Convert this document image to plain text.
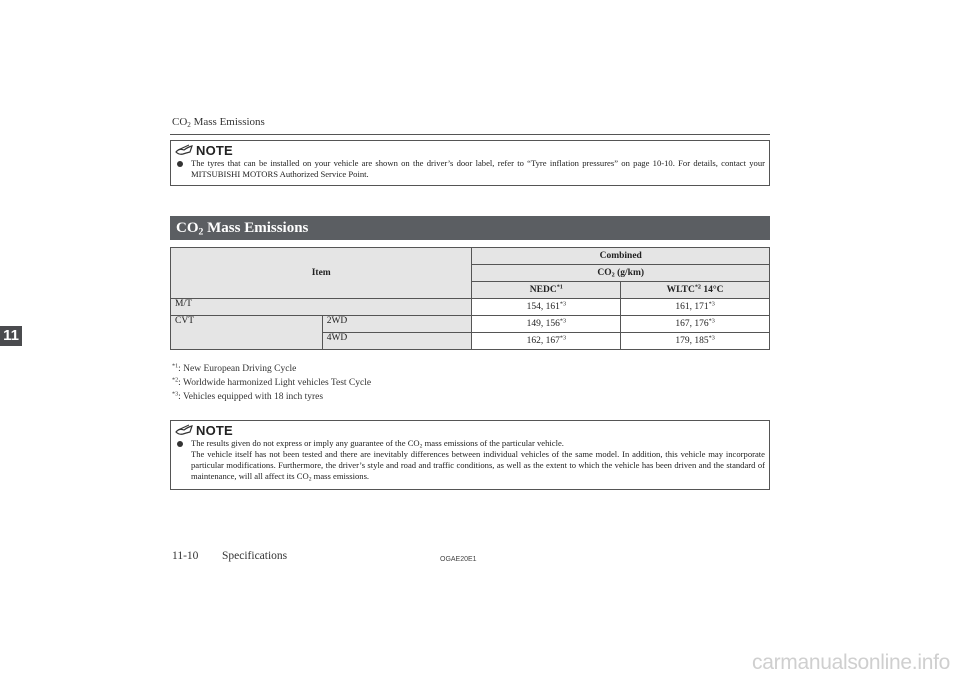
$CO_2$ Mass Emissions
NOTE
The tyres that can be installed on your vehicle are shown on the driver’s door label, refer to “Tyre inflation pressures” on page 10-10. For details, contact your MITSUBISHI MOTORS Authorized Service Point.
$CO_2$ Mass Emissions
Item		Combined	
		$CO_2$ (g/km)	
		NEDC$^{*1}$	WLTC$^{*2}$ 14°C
M/T		154, 161$^{*3}$	161, 171$^{*3}$
CVT	2WD	149, 156$^{*3}$	167, 176$^{*3}$
	4WD	162, 167$^{*3}$	179, 185$^{*3}$
$^{*1}$: New European Driving Cycle
$^{*2}$: Worldwide harmonized Light vehicles Test Cycle
$^{*3}$: Vehicles equipped with 18 inch tyres
NOTE
The results given do not express or imply any guarantee of the $CO_2$ mass emissions of the particular vehicle.
The vehicle itself has not been tested and there are inevitably differences between individual vehicles of the same model. In addition, this vehicle may incorporate particular modifications. Furthermore, the driver’s style and road and traffic conditions, as well as the extent to which the vehicle has been driven and the standard of maintenance, will all affect its $CO_2$ mass emissions.
11
11-10 Specifications	OGAE20E1
carmanualsonline.info
